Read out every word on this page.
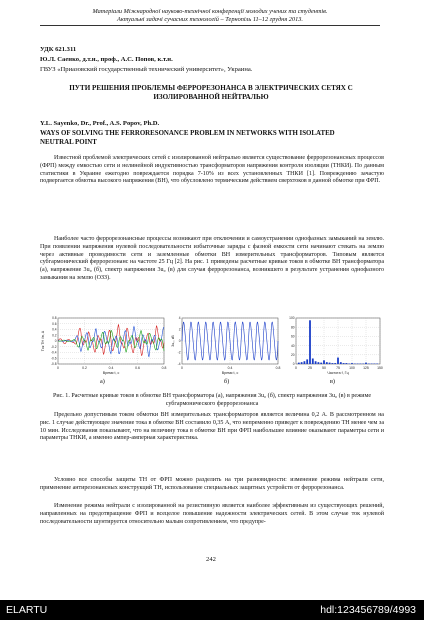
Матеріали Міжнародної науково-технічної конференції молодих учених та студентів.
Актуальні задачі сучасних технологій – Тернопіль 11–12 грудня 2013.
УДК 621.311
Ю.Л. Саенко, д.т.н., проф., А.С. Попов, к.т.н.
ГВУЗ «Приазовский государственный технический университет», Украина.
ПУТИ РЕШЕНИЯ ПРОБЛЕМЫ ФЕРРОРЕЗОНАНСА В ЭЛЕКТРИЧЕСКИХ СЕТЯХ С ИЗОЛИРОВАННОЙ НЕЙТРАЛЬЮ
Y.L. Sayenko, Dr., Prof., A.S. Popov, Ph.D.
WAYS OF SOLVING THE FERRORESONANCE PROBLEM IN NETWORKS WITH ISOLATED NEUTRAL POINT
Известной проблемой электрических сетей с изолированной нейтралью является существование феррорезонансных процессов (ФРП) между емкостью сети и нелинейной индуктивностью трансформаторов напряжения контроля изоляции (ТНКИ). По данным статистики в Украине ежегодно повреждается порядка 7-10% из всех установленных ТНКИ [1]. Повреждению зачастую подвергается обмотка высокого напряжения (ВН), что обусловлено термическим действием сверхтоков в данной обмотке при ФРП.
Наиболее часто феррорезонансные процессы возникают при отключении и самоустранении однофазных замыканий на землю. При появлении напряжения нулевой последовательности избыточные заряды с фазной емкости сети начинают стекать на землю через активные проводимости сети и заземленные обмотки ВН измерительных трансформаторов. Типовым является субгармонический феррорезонанс на частоте 25 Гц [2]. На рис. 1 приведены расчетные кривые токов в обмотке ВН трансформатора (а), напряжение 3u₀ (б), спектр напряжения 3u₀ (в) для случая феррорезонанса, возникшего в результате устранения однофазного замыкания на землю (ОЗЗ).
0	0.2	0.4	0.6	0.8
0.8
0.6
0.4
0.2
0
-0.2
-0.4
-0.6
-0.8
Время t, с
Ток ТН i/в, А
0	0.4	0.8
4
2
0
-2
-4
Время t, с
3u₀, кВ
0	25	50	75	100 125 150
100
80
60
40
20
0
Частота f, Гц
а)	б)	в)
Рис. 1. Расчетные кривые токов в обмотке ВН трансформатора (а), напряжения 3u₀ (б), спектр напряжения 3u₀ (в) в режиме субгармонического феррорезонанса
Предельно допустимым током обмотки ВН измерительных трансформаторов является величина 0,2 А. В рассмотренном на рис. 1 случае действующее значение тока в обмотке ВН составило 0,35 А, что непременно приведет к повреждению ТН менее чем за 10 мин. Исследования показывают, что на величину тока в обмотке ВН при ФРП наибольшее влияние оказывают параметры сети и параметры ТНКИ, а именно ампер-амперная характеристика.
Условно все способы защиты ТН от ФРП можно разделить на три разновидности: изменение режима нейтрали сети, применение антирезонансных конструкций ТН, использование специальных защитных устройств от феррорезонанса.
Изменение режима нейтрали с изолированной на резистивную является наиболее эффективным из существующих решений, направленных на предотвращение ФРП и всецелое повышение надежности электрических сетей. В этом случае ток нулевой последовательности шунтируется относительно малым сопротивлением, что предупре-
242
ELARTU	hdl:123456789/4993
